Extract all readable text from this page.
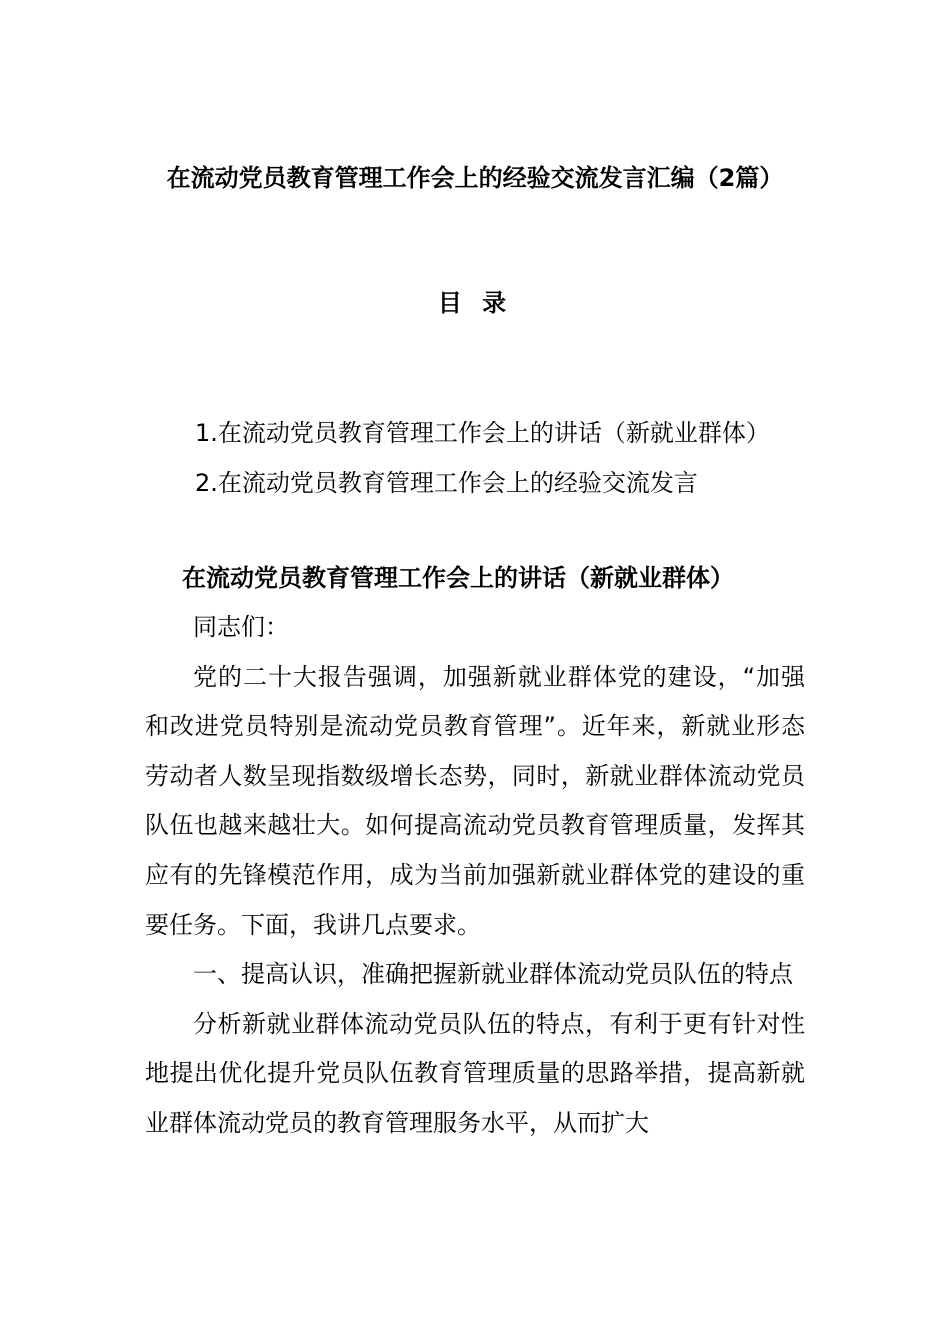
在流动党员教育管理工作会上的经验交流发言汇编（2篇）
目 录
1.在流动党员教育管理工作会上的讲话（新就业群体）
2.在流动党员教育管理工作会上的经验交流发言
在流动党员教育管理工作会上的讲话（新就业群体）

同志们：

党的二十大报告强调，加强新就业群体党的建设，“加强和改进党员特别是流动党员教育管理”。近年来，新就业形态劳动者人数呈现指数级增长态势，同时，新就业群体流动党员队伍也越来越壮大。如何提高流动党员教育管理质量，发挥其应有的先锋模范作用，成为当前加强新就业群体党的建设的重要任务。下面，我讲几点要求。

一、提高认识，准确把握新就业群体流动党员队伍的特点

分析新就业群体流动党员队伍的特点，有利于更有针对性地提出优化提升党员队伍教育管理质量的思路举措，提高新就业群体流动党员的教育管理服务水平，从而扩大
